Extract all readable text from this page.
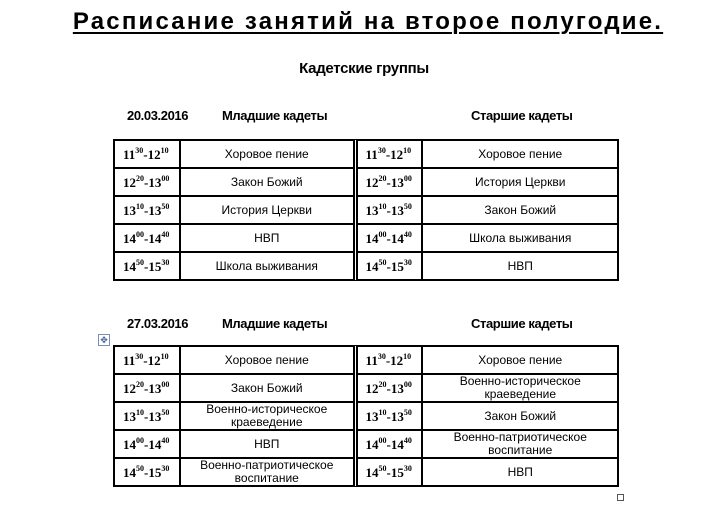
Расписание занятий на второе полугодие.
Кадетские группы
20.03.2016	Младшие кадеты	Старшие кадеты
$11^{30}-12^{10}$	Хоровое пение		$11^{30}-12^{10}$	Хоровое пение
$12^{20}-13^{00}$	Закон Божий		$12^{20}-13^{00}$	История Церкви
$13^{10}-13^{50}$	История Церкви		$13^{10}-13^{50}$	Закон Божий
$14^{00}-14^{40}$	НВП		$14^{00}-14^{40}$	Школа выживания
$14^{50}-15^{30}$	Школа выживания		$14^{50}-15^{30}$	НВП
27.03.2016	Младшие кадеты	Старшие кадеты
✥
$11^{30}-12^{10}$	Хоровое пение		$11^{30}-12^{10}$	Хоровое пение
$12^{20}-13^{00}$	Закон Божий		$12^{20}-13^{00}$	Военно-историческое краеведение
$13^{10}-13^{50}$	Военно-историческое краеведение		$13^{10}-13^{50}$	Закон Божий
$14^{00}-14^{40}$	НВП		$14^{00}-14^{40}$	Военно-патриотическое воспитание
$14^{50}-15^{30}$	Военно-патриотическое воспитание		$14^{50}-15^{30}$	НВП
